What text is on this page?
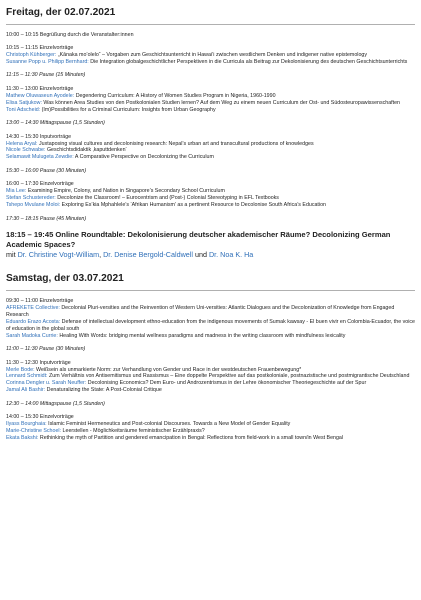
Freitag, der 02.07.2021

10:00 – 10:15 Begrüßung durch die Veranstalter:innen
10:15 – 11:15 Einzelvorträge
Christoph Kühberger: „Kānaka mo’olelo“ – Vorgaben zum Geschichtsunterricht in Hawai’i zwischen westlichem Denken und indigener native epistemology
Susanne Popp u. Philipp Bernhard: Die Integration globalgeschichtlicher Perspektiven in die Curricula als Beitrag zur Dekolonisierung des deutschen Geschichtsunterrichts
11:15 – 11:30 Pause (15 Minuten)
11:30 – 13:00 Einzelvorträge
Mathew Oluwaseun Ayodele: Degendering Curriculum: A History of Women Studies Program in Nigeria, 1960-1990
Elisa Satjukow: Was können Area Studies von den Postkolonialen Studien lernen? Auf dem Weg zu einem neuen Curriculum der Ost- und Südosteuropawissenschaften
Toni Adscheid: (Im)Possibilities for a Criminal Curriculum: Insights from Urban Geography
13:00 – 14:30 Mittagspause (1,5 Stunden)
14:30 – 15:30 Inputvorträge
Helena Aryal: Juxtaposing visual cultures and decolonising research: Nepal’s urban art and transcultural productions of knowledges
Nicole Schwabe: Geschichtsdidaktik ‚kaputtdenken‘
Selamawit Mulugeta Zewdie: A Comparative Perspective on Decolonizing the Curriculum
15:30 – 16:00 Pause (30 Minuten)
16:00 – 17:30 Einzelvorträge
Mia Lee: Examining Empire, Colony, and Nation in Singapore’s Secondary School Curriculum
Stefan Schustereder: Decolonize the Classroom! – Eurocentrism and (Post-) Colonial Stereotyping in EFL Textbooks
Tshepo Mvulane Moloi: Exploring Es’kia Mphahlele’s ‘Afrikan Humanism’ as a pertinent Resource to Decolonise South Africa’s Education
17:30 – 18:15 Pause (45 Minuten)
18:15 – 19:45 Online Roundtable: Dekolonisierung deutscher akademischer Räume? Decolonizing German Academic Spaces?
mit Dr. Christine Vogt-William, Dr. Denise Bergold-Caldwell und Dr. Noa K. Ha

Samstag, der 03.07.2021

09:30 – 11:00 Einzelvorträge
AFREKETE Collective: Decolonial Pluri-versities and the Reinvention of Western Uni-versities: Atlantic Dialogues and the Decolonization of Knowledge from Engaged Research
Eduardo Erazo Acosta: Defense of intellectual development ethno-education from the indigenous movements of Sumak kawsay - El buen vivir en Colombia-Ecuador, the voice of education in the global south
Sarah Madoka Currie: Healing With Words: bridging mental wellness paradigms and madness in the writing classroom with mindfulness lexicality
11:00 – 11:30 Pause (30 Minuten)
11:30 – 12:30 Inputvorträge
Merle Bode: Weißsein als unmarkierte Norm: zur Verhandlung von Gender und Race in der westdeutschen Frauenbewegung*
Lennard Schmidt: Zum Verhältnis von Antisemitismus und Rassismus – Eine doppelte Perspektive auf das postkoloniale, postnazistische und postmigrantische Deutschland
Corinna Dengler u. Sarah Neuffer: Decolonising Economics? Dem Euro- und Androzentrismus in der Lehre ökonomischer Theoriegeschichte auf der Spur
Jamal Ali Bashir: Denaturalizing the State: A Post-Colonial Critique
12:30 – 14:00 Mittagspause (1,5 Stunden)
14:00 – 15:30 Einzelvorträge
Ilyass Bourghaia: Islamic Feminist Hermeneutics and Post-colonial Discourses. Towards a New Model of Gender Equality
Marie-Christine Schoel: Leerstellen - Möglichkeitsräume feministischer Erzählpraxis?
Ekata Bakshi: Rethinking the myth of Partition and gendered emancipation in Bengal: Reflections from field-work in a small town/in West Bengal
